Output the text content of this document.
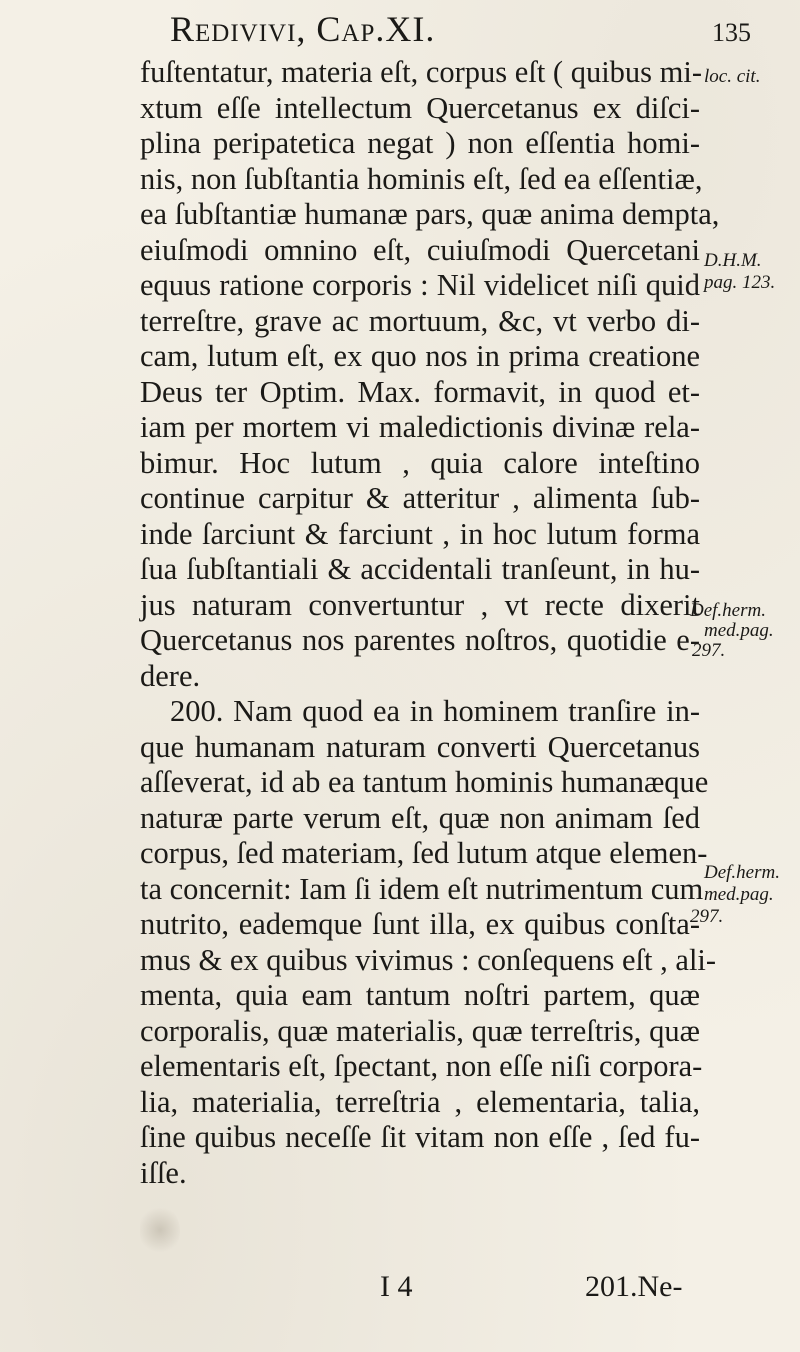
Redivivi, Cap.XI.	135
fuſtentatur, materia eſt, corpus eſt ( quibus mi-
xtum eſſe intellectum Quercetanus ex diſci-
plina peripatetica negat ) non eſſentia homi-
nis, non ſubſtantia hominis eſt, ſed ea eſſentiæ,
ea ſubſtantiæ humanæ pars, quæ anima dempta,
eiuſmodi omnino eſt, cuiuſmodi Quercetani
equus ratione corporis : Nil videlicet niſi quid
terreſtre, grave ac mortuum, &c, vt verbo di-
cam, lutum eſt, ex quo nos in prima creatione
Deus ter Optim. Max. formavit, in quod et-
iam per mortem vi maledictionis divinæ rela-
bimur. Hoc lutum , quia calore inteſtino
continue carpitur & atteritur , alimenta ſub-
inde ſarciunt & farciunt , in hoc lutum forma
ſua ſubſtantiali & accidentali tranſeunt, in hu-
jus naturam convertuntur , vt recte dixerit
Quercetanus nos parentes noſtros, quotidie e-
dere.
200. Nam quod ea in hominem tranſire in-
que humanam naturam converti Quercetanus
aſſeverat, id ab ea tantum hominis humanæque
naturæ parte verum eſt, quæ non animam ſed
corpus, ſed materiam, ſed lutum atque elemen-
ta concernit: Iam ſi idem eſt nutrimentum cum
nutrito, eademque ſunt illa, ex quibus conſta-
mus & ex quibus vivimus : conſequens eſt , ali-
menta, quia eam tantum noſtri partem, quæ
corporalis, quæ materialis, quæ terreſtris, quæ
elementaris eſt, ſpectant, non eſſe niſi corpora-
lia, materialia, terreſtria , elementaria, talia,
ſine quibus neceſſe ſit vitam non eſſe , ſed fu-
iſſe.
loc. cit.
D.H.M.
pag. 123.
Def.herm.
med.pag.
297.
Def.herm.
med.pag.
297.
I 4	201.Ne-
